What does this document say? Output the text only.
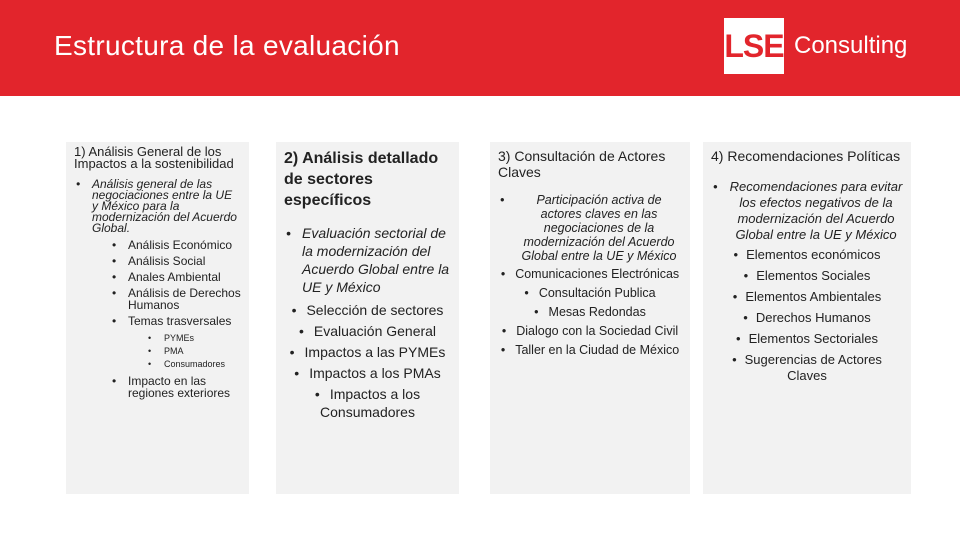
Estructura de la evaluación	LSE Consulting

1) Análisis General de los Impactos a la sostenibilidad

• Análisis general de las negociaciones entre la UE y México para la modernización del Acuerdo Global.
• Análisis Económico
• Análisis Social
• Anales Ambiental
• Análisis de Derechos Humanos
• Temas trasversales
• PYMEs
• PMA
• Consumadores
• Impacto en las regiones exteriores

2) Análisis detallado de sectores específicos

• Evaluación sectorial de la modernización del Acuerdo Global entre la UE y México
• Selección de sectores
• Evaluación General
• Impactos a las PYMEs
• Impactos a los PMAs
• Impactos a los Consumadores

3) Consultación de Actores Claves

• Participación activa de actores claves en las negociaciones de la modernización del Acuerdo Global entre la UE y México
• Comunicaciones Electrónicas
• Consultación Publica
• Mesas Redondas
• Dialogo con la Sociedad Civil
• Taller en la Ciudad de México

4) Recomendaciones Políticas

• Recomendaciones para evitar los efectos negativos de la modernización del Acuerdo Global entre la UE y México
• Elementos económicos
• Elementos Sociales
• Elementos Ambientales
• Derechos Humanos
• Elementos Sectoriales
• Sugerencias de Actores Claves
